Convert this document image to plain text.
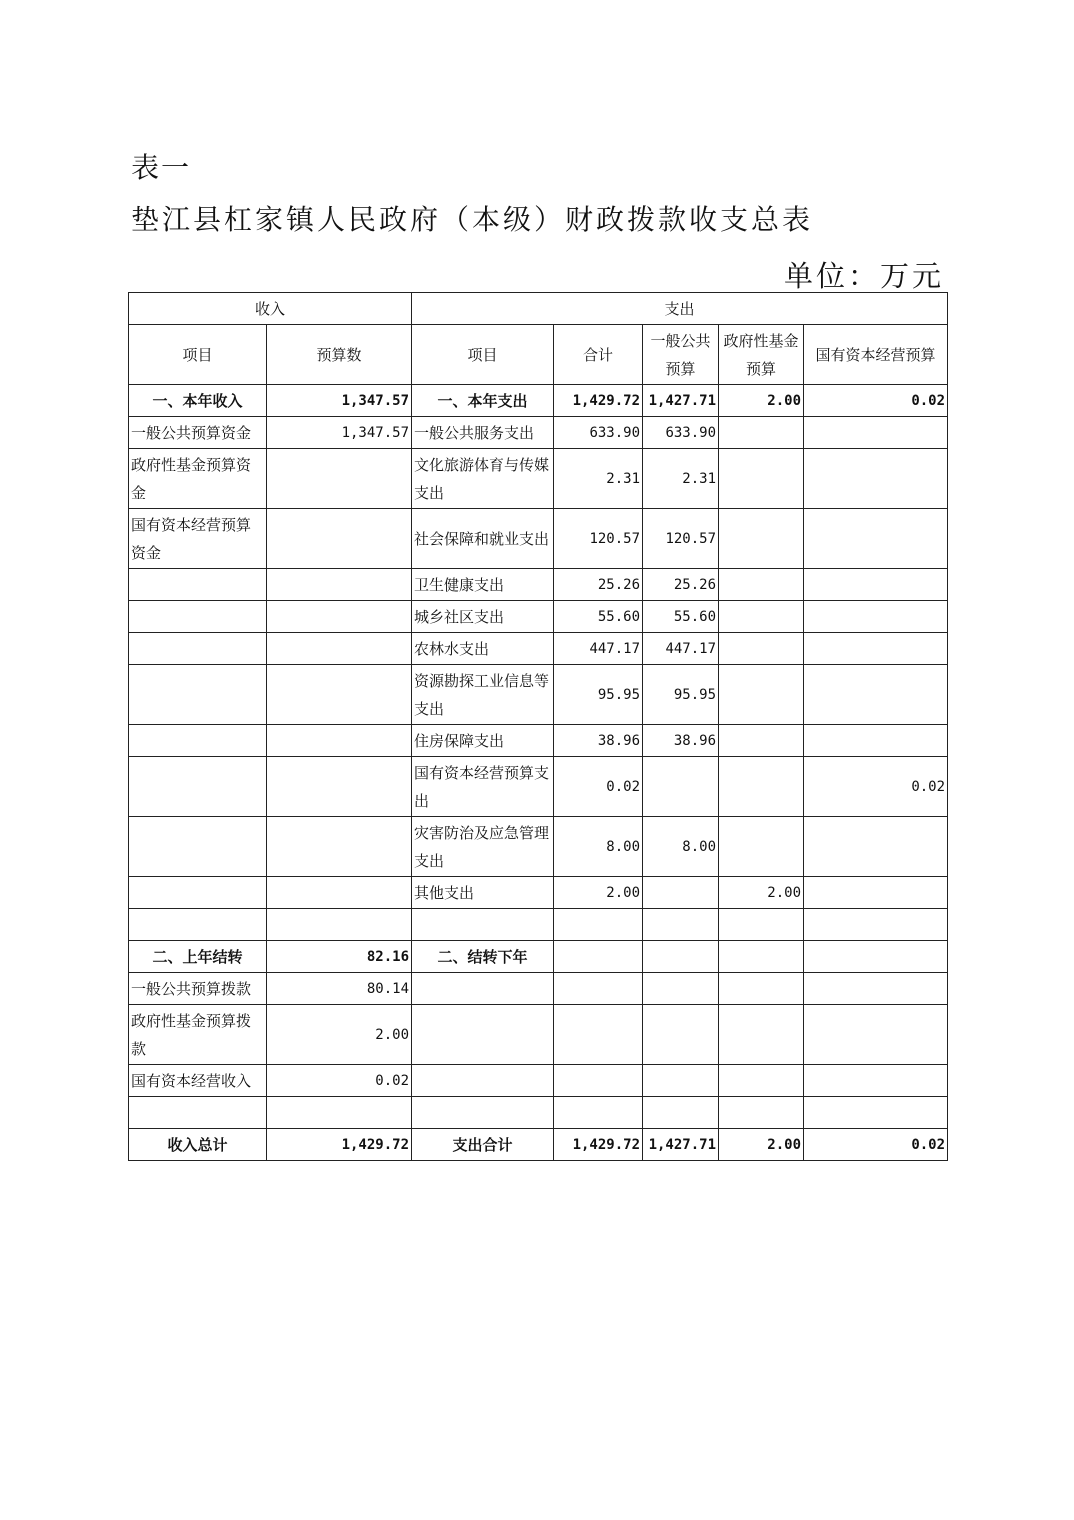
表一
垫江县杠家镇人民政府（本级）财政拨款收支总表
单位：万元
收入		支出				
项目	预算数	项目	合计	一般公共预算	政府性基金预算	国有资本经营预算
一、本年收入	1,347.57	一、本年支出	1,429.72	1,427.71	2.00	0.02
一般公共预算资金	1,347.57	一般公共服务支出	633.90	633.90		
政府性基金预算资金		文化旅游体育与传媒支出	2.31	2.31		
国有资本经营预算资金		社会保障和就业支出	120.57	120.57		
		卫生健康支出	25.26	25.26		
		城乡社区支出	55.60	55.60		
		农林水支出	447.17	447.17		
		资源勘探工业信息等支出	95.95	95.95		
		住房保障支出	38.96	38.96		
		国有资本经营预算支出	0.02			0.02
		灾害防治及应急管理支出	8.00	8.00		
		其他支出	2.00		2.00	

二、上年结转	82.16	二、结转下年				
一般公共预算拨款	80.14					
政府性基金预算拨款	2.00					
国有资本经营收入	0.02					

收入总计	1,429.72	支出合计	1,429.72	1,427.71	2.00	0.02
